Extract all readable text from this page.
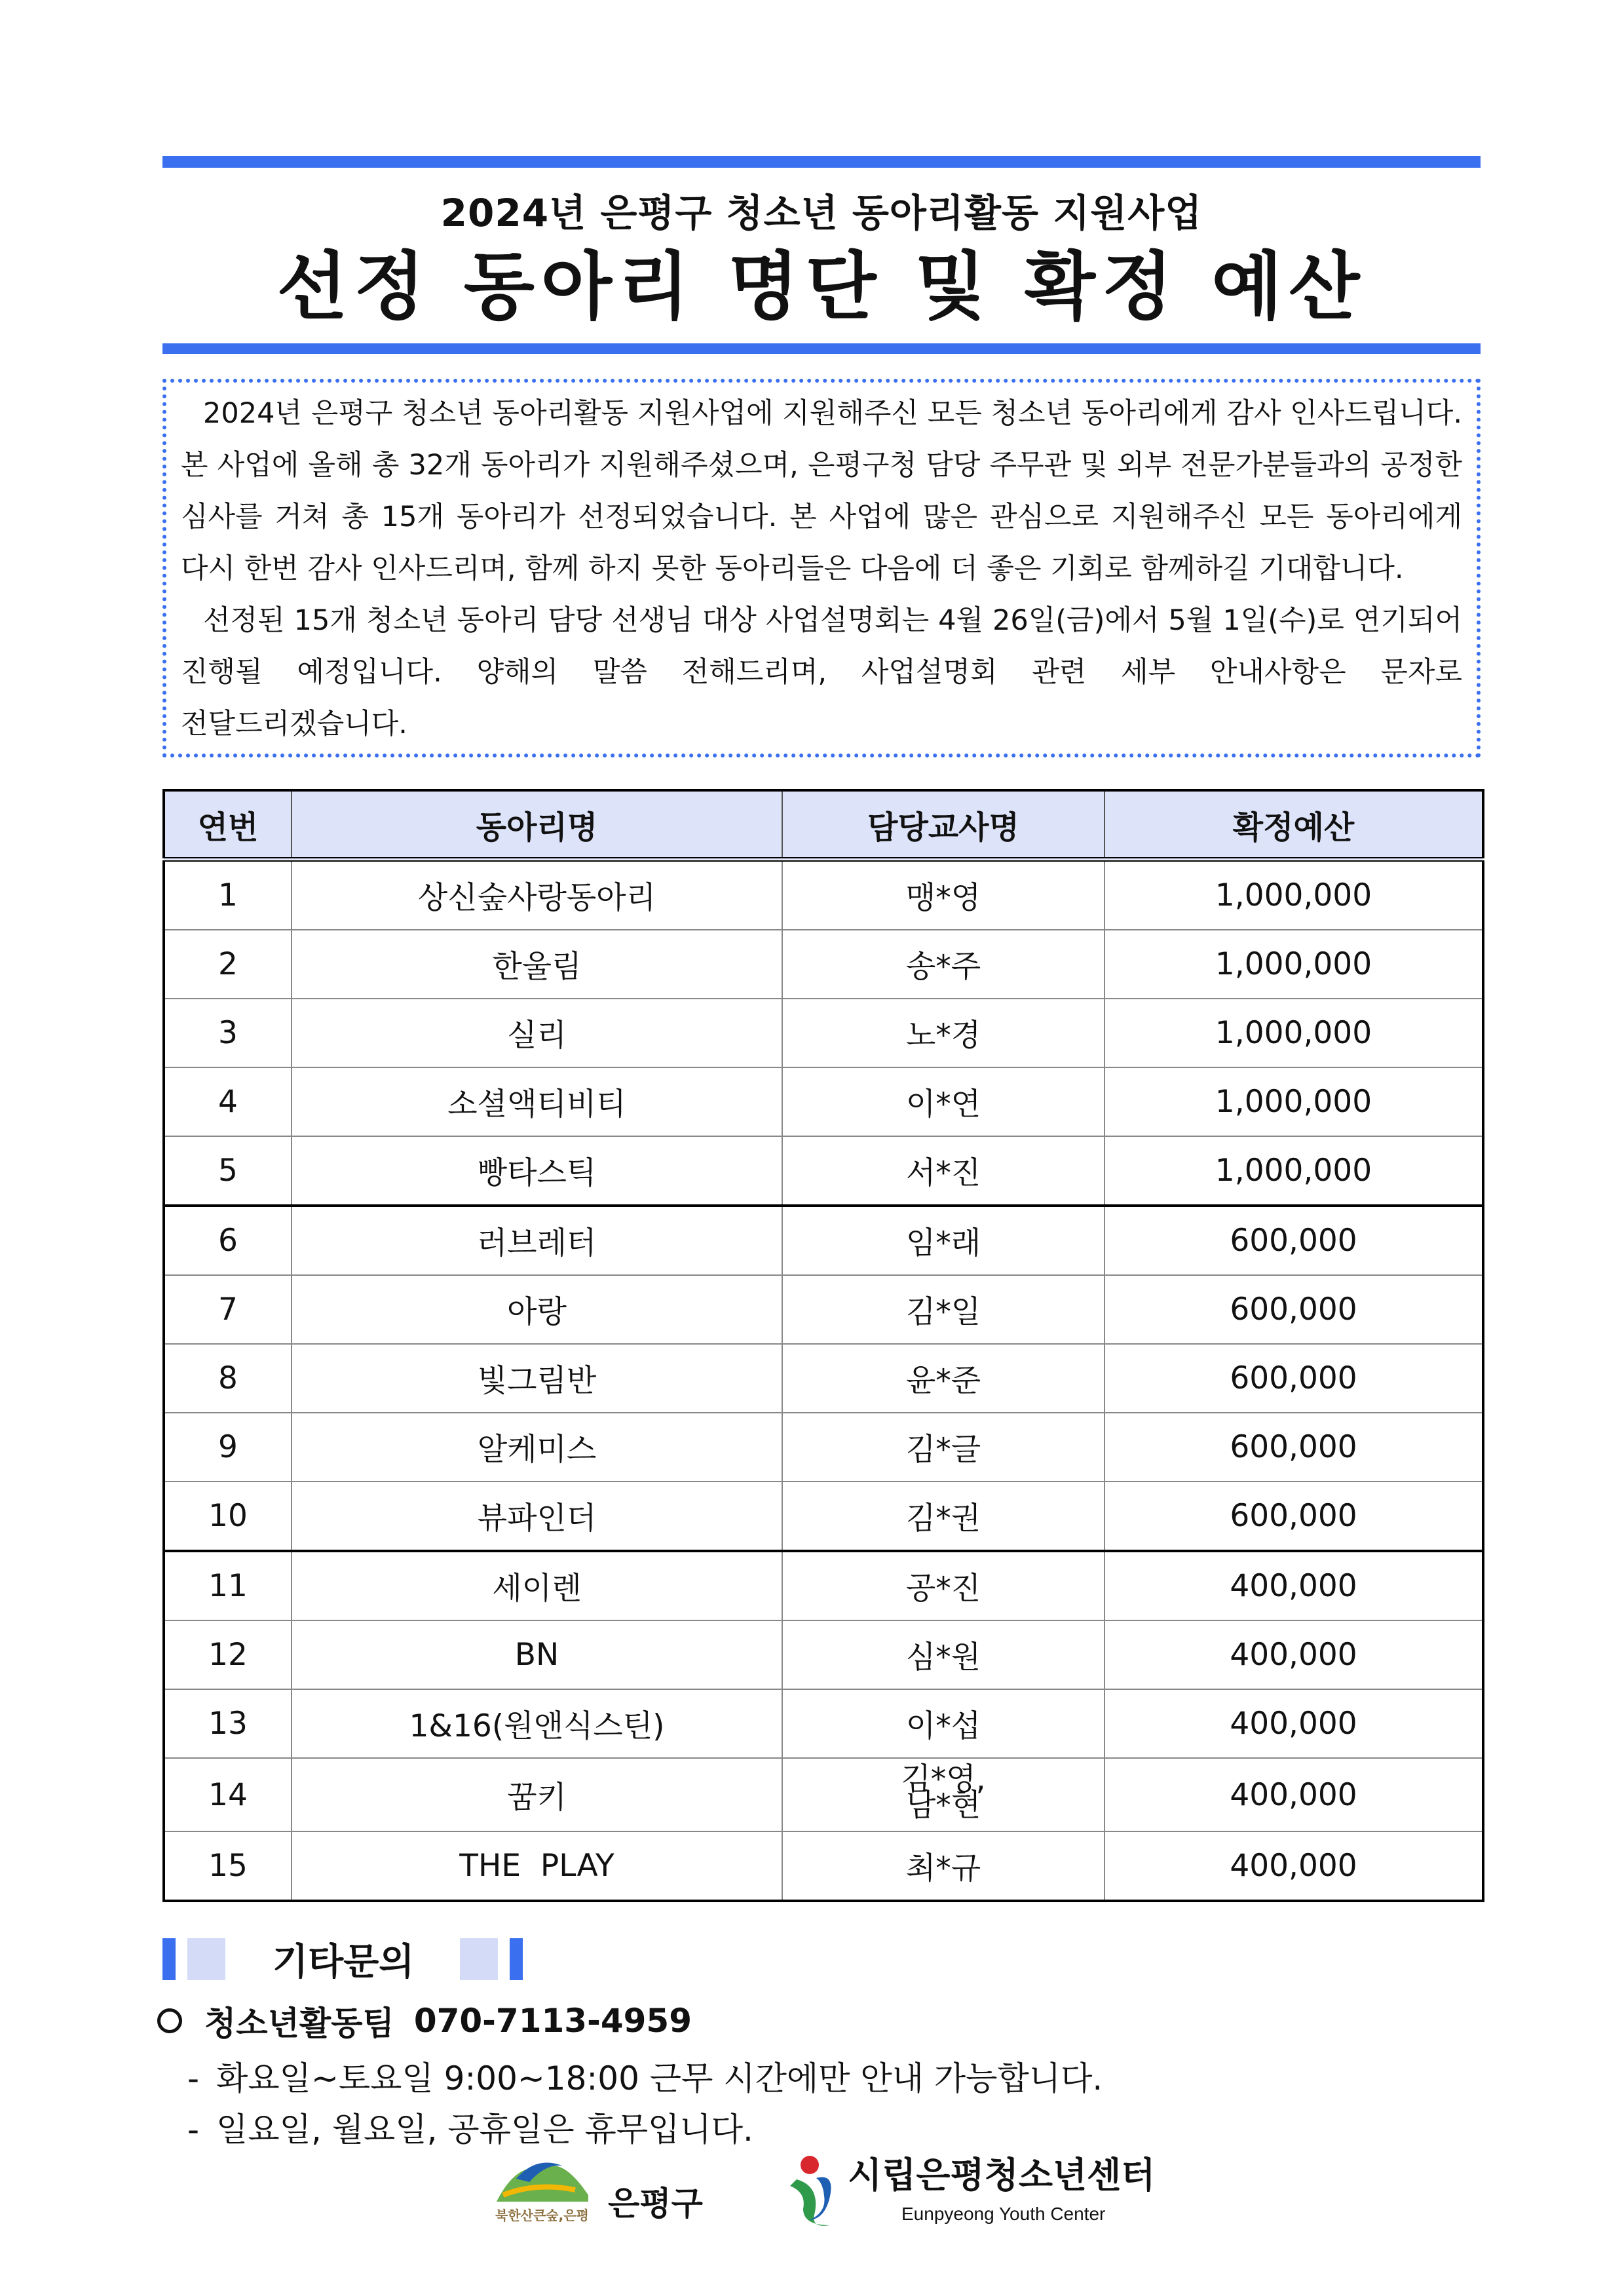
2024년 은평구 청소년 동아리활동 지원사업
선정 동아리 명단 및 확정 예산

2024년 은평구 청소년 동아리활동 지원사업에 지원해주신 모든 청소년 동아리에게 감사 인사드립니다. 본 사업에 올해 총 32개 동아리가 지원해주셨으며, 은평구청 담당 주무관 및 외부 전문가분들과의 공정한 심사를 거쳐 총 15개 동아리가 선정되었습니다. 본 사업에 많은 관심으로 지원해주신 모든 동아리에게 다시 한번 감사 인사드리며, 함께 하지 못한 동아리들은 다음에 더 좋은 기회로 함께하길 기대합니다.

선정된 15개 청소년 동아리 담당 선생님 대상 사업설명회는 4월 26일(금)에서 5월 1일(수)로 연기되어 진행될 예정입니다. 양해의 말씀 전해드리며, 사업설명회 관련 세부 안내사항은 문자로 전달드리겠습니다.

연번	동아리명	담당교사명	확정예산
1	상신숲사랑동아리	맹*영	1,000,000
2	한울림	송*주	1,000,000
3	실리	노*경	1,000,000
4	소셜액티비티	이*연	1,000,000
5	빵타스틱	서*진	1,000,000
6	러브레터	임*래	600,000
7	아랑	김*일	600,000
8	빛그림반	윤*준	600,000
9	알케미스	김*글	600,000
10	뷰파인더	김*권	600,000
11	세이렌	공*진	400,000
12	BN	심*원	400,000
13	1&16(원앤식스틴)	이*섭	400,000
14	꿈키	김*영,
남*현	400,000
15	THE  PLAY	최*규	400,000
기타문의
청소년활동팀 070-7113-4959
- 화요일~토요일 9:00~18:00 근무 시간에만 안내 가능합니다.
- 일요일, 월요일, 공휴일은 휴무입니다.
북한산큰숲,은평 은평구
시립은평청소년센터
Eunpyeong Youth Center
